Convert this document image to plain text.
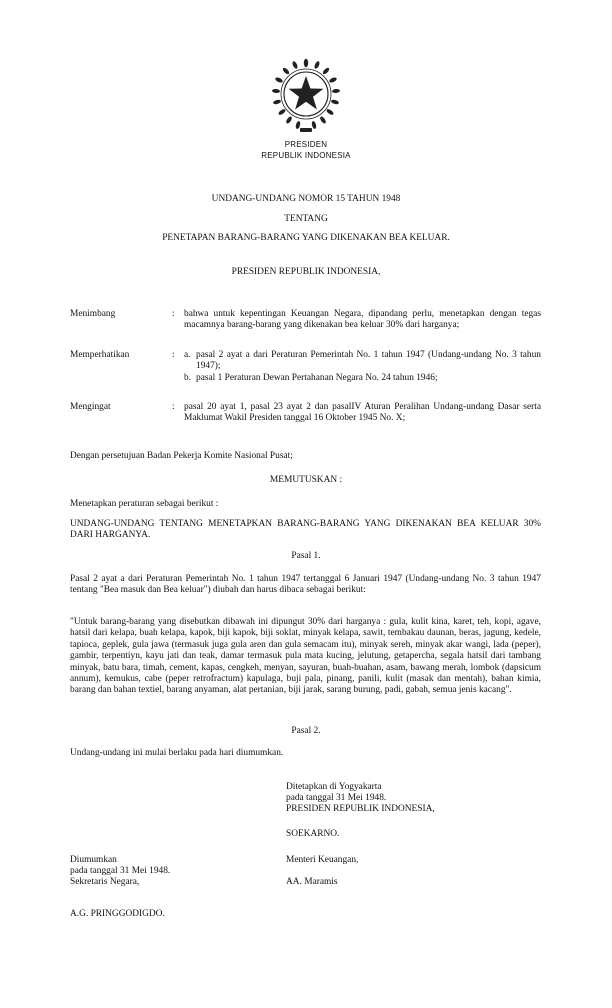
PRESIDEN
REPUBLIK INDONESIA
UNDANG-UNDANG NOMOR 15 TAHUN 1948
TENTANG
PENETAPAN BARANG-BARANG YANG DIKENAKAN BEA KELUAR.
PRESIDEN REPUBLIK INDONESIA,
Menimbang	: bahwa untuk kepentingan Keuangan Negara, dipandang perlu, menetapkan dengan tegas macamnya barang-barang yang dikenakan bea keluar 30% dari harganya;
Memperhatikan	: a. pasal 2 ayat a dari Peraturan Pemerintah No. 1 tahun 1947 (Undang-undang No. 3 tahun 1947);
b. pasal 1 Peraturan Dewan Pertahanan Negara No. 24 tahun 1946;
Mengingat	: pasal 20 ayat 1, pasal 23 ayat 2 dan pasalIV Aturan Peralihan Undang-undang Dasar serta Maklumat Wakil Presiden tanggal 16 Oktober 1945 No. X;
Dengan persetujuan Badan Pekerja Komite Nasional Pusat;
MEMUTUSKAN :
Menetapkan peraturan sebagai berikut :
UNDANG-UNDANG TENTANG MENETAPKAN BARANG-BARANG YANG DIKENAKAN BEA KELUAR 30% DARI HARGANYA.
Pasal 1.
Pasal 2 ayat a dari Peraturan Pemerintah No. 1 tahun 1947 tertanggal 6 Januari 1947 (Undang-undang No. 3 tahun 1947 tentang "Bea masuk dan Bea keluar") diubah dan harus dibaca sebagai berikut:
"Untuk barang-barang yang disebutkan dibawah ini dipungut 30% dari harganya : gula, kulit kina, karet, teh, kopi, agave, hatsil dari kelapa, buah kelapa, kapok, biji kapok, biji soklat, minyak kelapa, sawit, tembakau daunan, beras, jagung, kedele, tapioca, geplek, gula jawa (termasuk juga gula aren dan gula semacam itu), minyak sereh, minyak akar wangi, lada (peper), gambir, terpentiyn, kayu jati dan teak, damar termasuk pula mata kucing, jelutung, getapercha, segala hatsil dari tambang minyak, batu bara, timah, cement, kapas, cengkeh, menyan, sayuran, buah-buahan, asam, bawang merah, lombok (dapsicum annum), kemukus, cabe (peper retrofractum) kapulaga, buji pala, pinang, panili, kulit (masak dan mentah), bahan kimia, barang dan bahan textiel, barang anyaman, alat pertanian, biji jarak, sarang burung, padi, gabah, semua jenis kacang".
Pasal 2.
Undang-undang ini mulai berlaku pada hari diumumkan.
Ditetapkan di Yogyakarta
pada tanggal 31 Mei 1948.
PRESIDEN REPUBLIK INDONESIA,
SOEKARNO.
Diumumkan
pada tanggal 31 Mei 1948.
Sekretaris Negara,
A.G. PRINGGODIGDO.
Menteri Keuangan,
AA. Maramis
